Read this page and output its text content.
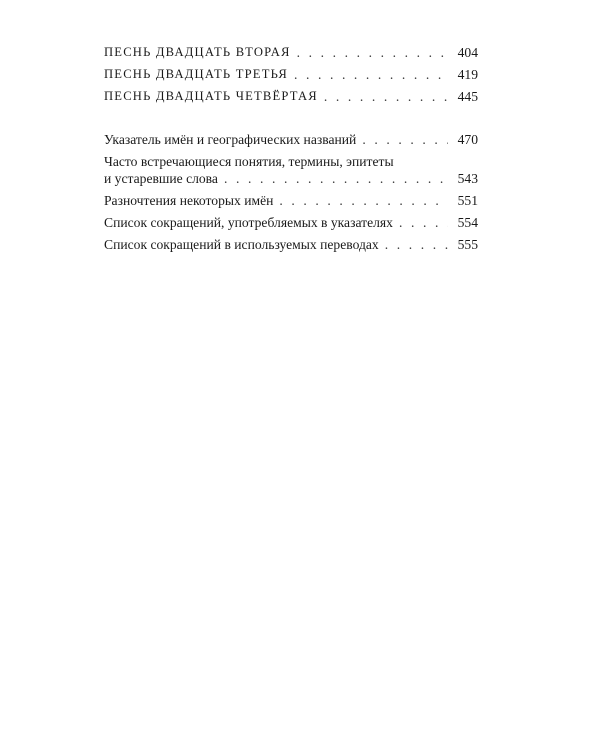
ПЕСНЬ ДВАДЦАТЬ ВТОРАЯ . . .	404
ПЕСНЬ ДВАДЦАТЬ ТРЕТЬЯ . . .	419
ПЕСНЬ ДВАДЦАТЬ ЧЕТВЁРТАЯ . . .	445
Указатель имён и географических названий . . .	470
Часто встречающиеся понятия, термины, эпитеты
и устаревшие слова . . .	543
Разночтения некоторых имён . . .	551
Список сокращений, употребляемых в указателях . . .	554
Список сокращений в используемых переводах . . .	555
